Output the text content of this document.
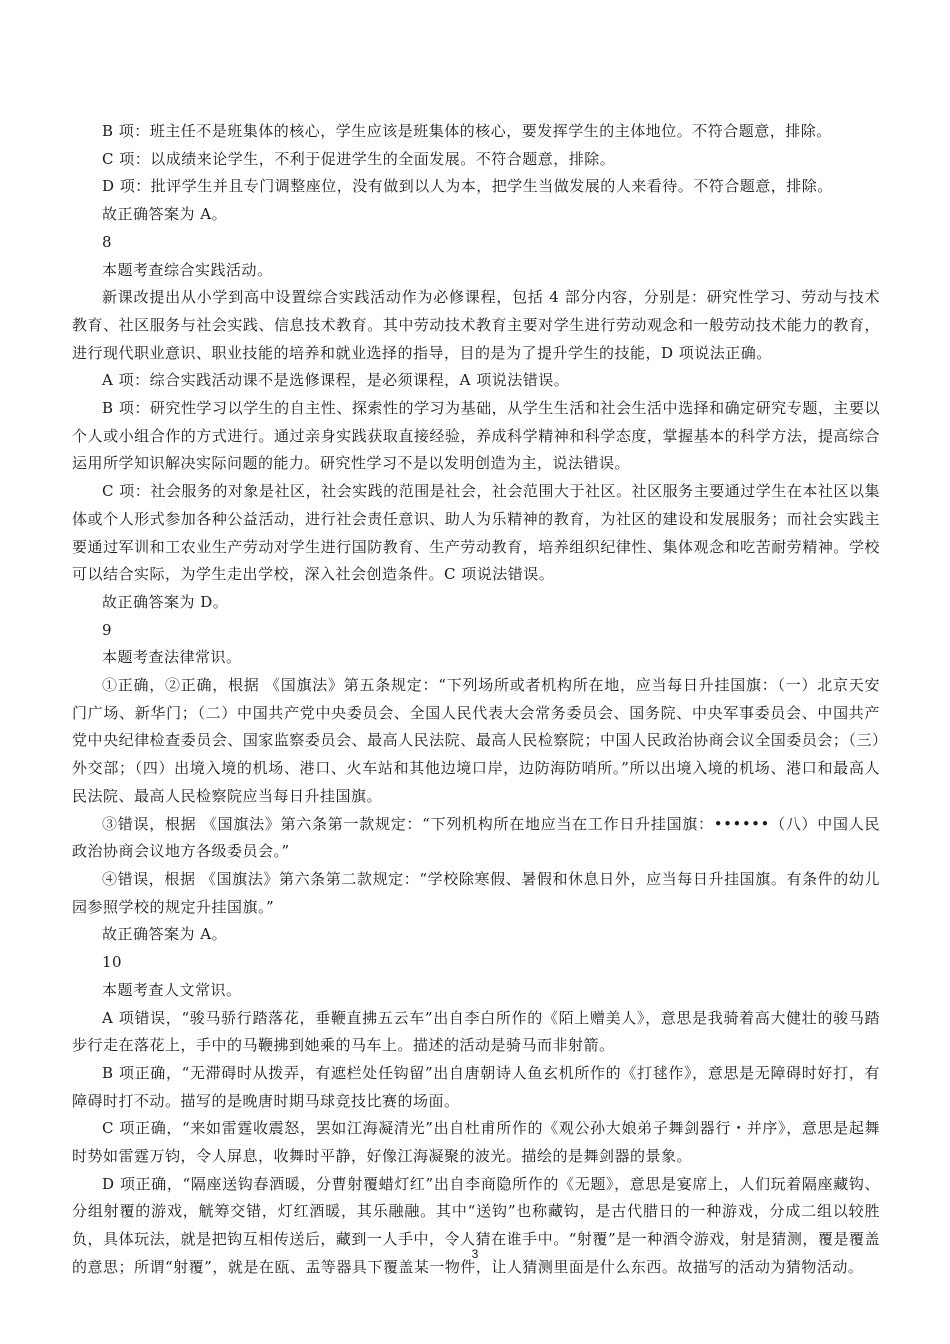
B 项：班主任不是班集体的核心，学生应该是班集体的核心，要发挥学生的主体地位。不符合题意，排除。

C 项：以成绩来论学生，不利于促进学生的全面发展。不符合题意，排除。

D 项：批评学生并且专门调整座位，没有做到以人为本，把学生当做发展的人来看待。不符合题意，排除。

故正确答案为 A。

8

本题考查综合实践活动。

新课改提出从小学到高中设置综合实践活动作为必修课程，包括 4 部分内容，分别是：研究性学习、劳动与技术教育、社区服务与社会实践、信息技术教育。其中劳动技术教育主要对学生进行劳动观念和一般劳动技术能力的教育，进行现代职业意识、职业技能的培养和就业选择的指导，目的是为了提升学生的技能，D 项说法正确。

A 项：综合实践活动课不是选修课程，是必须课程，A 项说法错误。

B 项：研究性学习以学生的自主性、探索性的学习为基础，从学生生活和社会生活中选择和确定研究专题，主要以个人或小组合作的方式进行。通过亲身实践获取直接经验，养成科学精神和科学态度，掌握基本的科学方法，提高综合运用所学知识解决实际问题的能力。研究性学习不是以发明创造为主，说法错误。

C 项：社会服务的对象是社区，社会实践的范围是社会，社会范围大于社区。社区服务主要通过学生在本社区以集体或个人形式参加各种公益活动，进行社会责任意识、助人为乐精神的教育，为社区的建设和发展服务；而社会实践主要通过军训和工农业生产劳动对学生进行国防教育、生产劳动教育，培养组织纪律性、集体观念和吃苦耐劳精神。学校可以结合实际，为学生走出学校，深入社会创造条件。C 项说法错误。

故正确答案为 D。

9

本题考查法律常识。

①正确，②正确，根据 《国旗法》第五条规定：“下列场所或者机构所在地，应当每日升挂国旗：（一）北京天安门广场、新华门；（二）中国共产党中央委员会、全国人民代表大会常务委员会、国务院、中央军事委员会、中国共产党中央纪律检查委员会、国家监察委员会、最高人民法院、最高人民检察院；中国人民政治协商会议全国委员会；（三）外交部；（四）出境入境的机场、港口、火车站和其他边境口岸，边防海防哨所。”所以出境入境的机场、港口和最高人民法院、最高人民检察院应当每日升挂国旗。

③错误，根据 《国旗法》第六条第一款规定：“下列机构所在地应当在工作日升挂国旗：••••••（八）中国人民政治协商会议地方各级委员会。”

④错误，根据 《国旗法》第六条第二款规定：“学校除寒假、暑假和休息日外，应当每日升挂国旗。有条件的幼儿园参照学校的规定升挂国旗。”

故正确答案为 A。

10

本题考查人文常识。

A 项错误，“骏马骄行踏落花，垂鞭直拂五云车”出自李白所作的《陌上赠美人》，意思是我骑着高大健壮的骏马踏步行走在落花上，手中的马鞭拂到她乘的马车上。描述的活动是骑马而非射箭。

B 项正确，“无滞碍时从拨弄，有遮栏处任钩留”出自唐朝诗人鱼玄机所作的《打毬作》，意思是无障碍时好打，有障碍时打不动。描写的是晚唐时期马球竞技比赛的场面。

C 项正确，“来如雷霆收震怒，罢如江海凝清光”出自杜甫所作的《观公孙大娘弟子舞剑器行・并序》，意思是起舞时势如雷霆万钧，令人屏息，收舞时平静，好像江海凝聚的波光。描绘的是舞剑器的景象。

D 项正确，“隔座送钩春酒暖，分曹射覆蜡灯红”出自李商隐所作的《无题》，意思是宴席上，人们玩着隔座藏钩、分组射覆的游戏，觥筹交错，灯红酒暖，其乐融融。其中“送钩”也称藏钩，是古代腊日的一种游戏，分成二组以较胜负，具体玩法，就是把钩互相传送后，藏到一人手中，令人猜在谁手中。“射覆”是一种酒令游戏，射是猜测，覆是覆盖的意思；所谓“射覆”，就是在瓯、盂等器具下覆盖某一物件，让人猜测里面是什么东西。故描写的活动为猜物活动。

3
